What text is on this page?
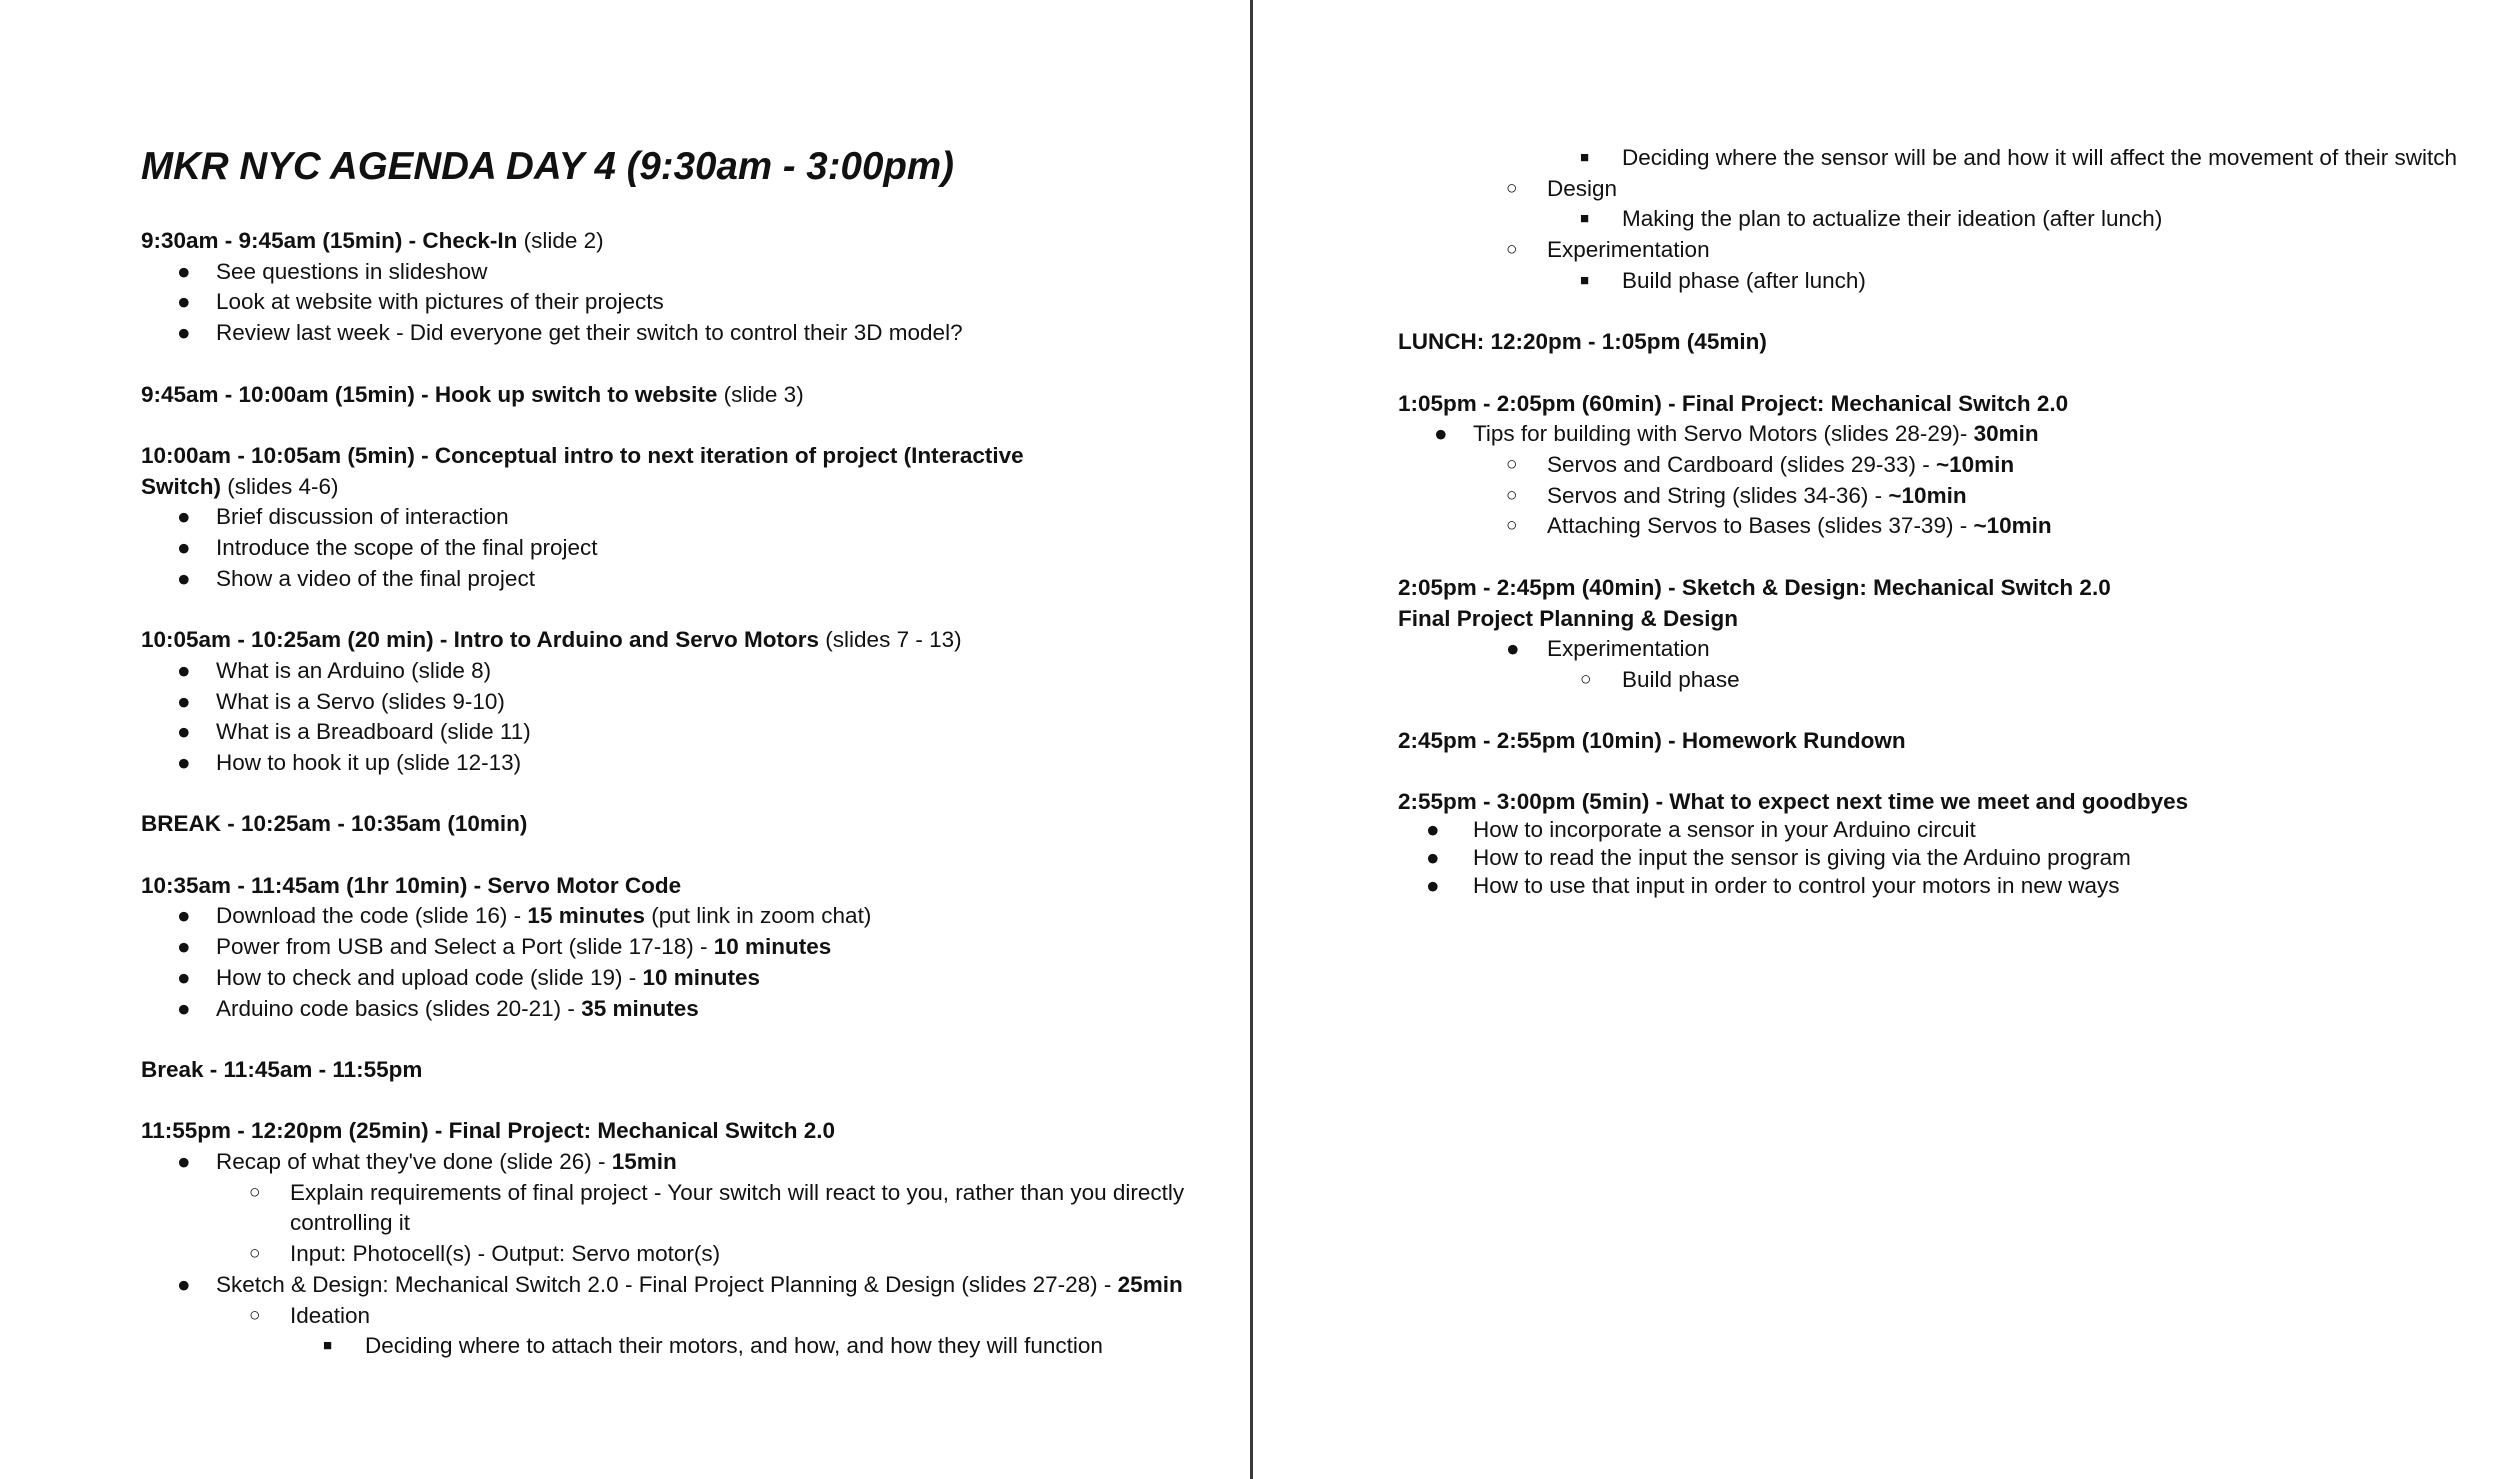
MKR NYC AGENDA DAY 4 (9:30am - 3:00pm)
9:30am - 9:45am (15min) - Check-In (slide 2)
● See questions in slideshow
● Look at website with pictures of their projects
● Review last week - Did everyone get their switch to control their 3D model?
9:45am - 10:00am (15min) - Hook up switch to website (slide 3)
10:00am - 10:05am (5min) - Conceptual intro to next iteration of project (Interactive
Switch) (slides 4-6)
● Brief discussion of interaction
● Introduce the scope of the final project
● Show a video of the final project
10:05am - 10:25am (20 min) - Intro to Arduino and Servo Motors (slides 7 - 13)
● What is an Arduino (slide 8)
● What is a Servo (slides 9-10)
● What is a Breadboard (slide 11)
● How to hook it up (slide 12-13)
BREAK - 10:25am - 10:35am (10min)
10:35am - 11:45am (1hr 10min) - Servo Motor Code
● Download the code (slide 16) - 15 minutes (put link in zoom chat)
● Power from USB and Select a Port (slide 17-18) - 10 minutes
● How to check and upload code (slide 19) - 10 minutes
● Arduino code basics (slides 20-21) - 35 minutes
Break - 11:45am - 11:55pm
11:55pm - 12:20pm (25min) - Final Project: Mechanical Switch 2.0
● Recap of what they've done (slide 26) - 15min
○ Explain requirements of final project - Your switch will react to you, rather than you directly controlling it
○ Input: Photocell(s) - Output: Servo motor(s)
● Sketch & Design: Mechanical Switch 2.0 - Final Project Planning & Design (slides 27-28) - 25min
○ Ideation
■ Deciding where to attach their motors, and how, and how they will function
■ Deciding where the sensor will be and how it will affect the movement of their switch
○ Design
■ Making the plan to actualize their ideation (after lunch)
○ Experimentation
■ Build phase (after lunch)
LUNCH: 12:20pm - 1:05pm (45min)
1:05pm - 2:05pm (60min) - Final Project: Mechanical Switch 2.0
● Tips for building with Servo Motors (slides 28-29)- 30min
○ Servos and Cardboard (slides 29-33) - ~10min
○ Servos and String (slides 34-36) - ~10min
○ Attaching Servos to Bases (slides 37-39) - ~10min
2:05pm - 2:45pm (40min) - Sketch & Design: Mechanical Switch 2.0
Final Project Planning & Design
● Experimentation
○ Build phase
2:45pm - 2:55pm (10min) - Homework Rundown
2:55pm - 3:00pm (5min) - What to expect next time we meet and goodbyes
● How to incorporate a sensor in your Arduino circuit
● How to read the input the sensor is giving via the Arduino program
● How to use that input in order to control your motors in new ways
